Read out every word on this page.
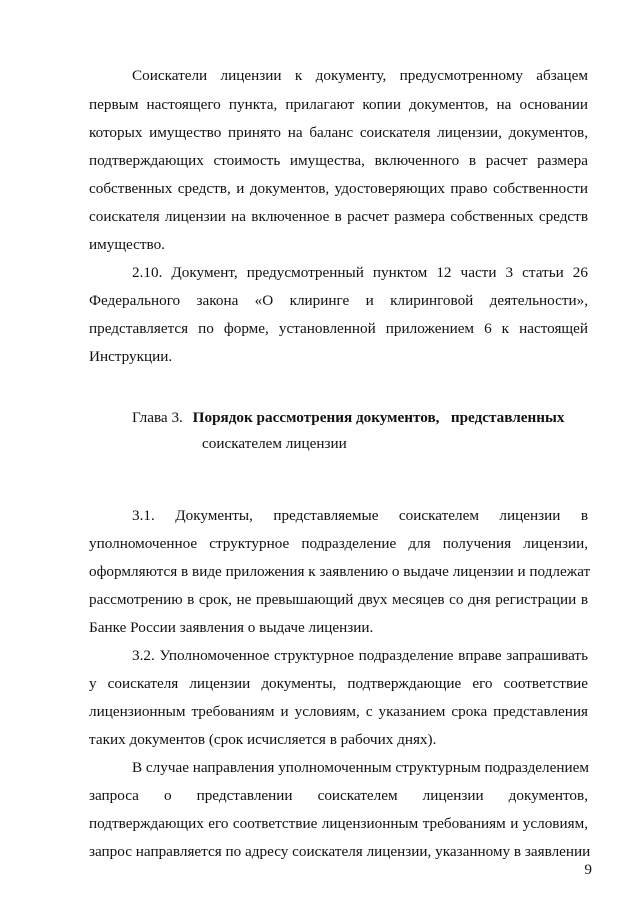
Соискатели лицензии к документу, предусмотренному абзацем
первым настоящего пункта, прилагают копии документов, на основании
которых имущество принято на баланс соискателя лицензии, документов,
подтверждающих стоимость имущества, включенного в расчет размера
собственных средств, и документов, удостоверяющих право собственности
соискателя лицензии на включенное в расчет размера собственных средств
имущество.
2.10. Документ, предусмотренный пунктом 12 части 3 статьи 26
Федерального закона «О клиринге и клиринговой деятельности»,
представляется по форме, установленной приложением 6 к настоящей
Инструкции.
Глава 3. Порядок рассмотрения документов,   представленных
соискателем лицензии
3.1. Документы, представляемые соискателем лицензии в
уполномоченное структурное подразделение для получения лицензии,
оформляются в виде приложения к заявлению о выдаче лицензии и подлежат
рассмотрению в срок, не превышающий двух месяцев со дня регистрации в
Банке России заявления о выдаче лицензии.
3.2. Уполномоченное структурное подразделение вправе запрашивать
у соискателя лицензии документы, подтверждающие его соответствие
лицензионным требованиям и условиям, с указанием срока представления
таких документов (срок исчисляется в рабочих днях).
В случае направления уполномоченным структурным подразделением
запроса о представлении соискателем лицензии документов,
подтверждающих его соответствие лицензионным требованиям и условиям,
запрос направляется по адресу соискателя лицензии, указанному в заявлении
9
